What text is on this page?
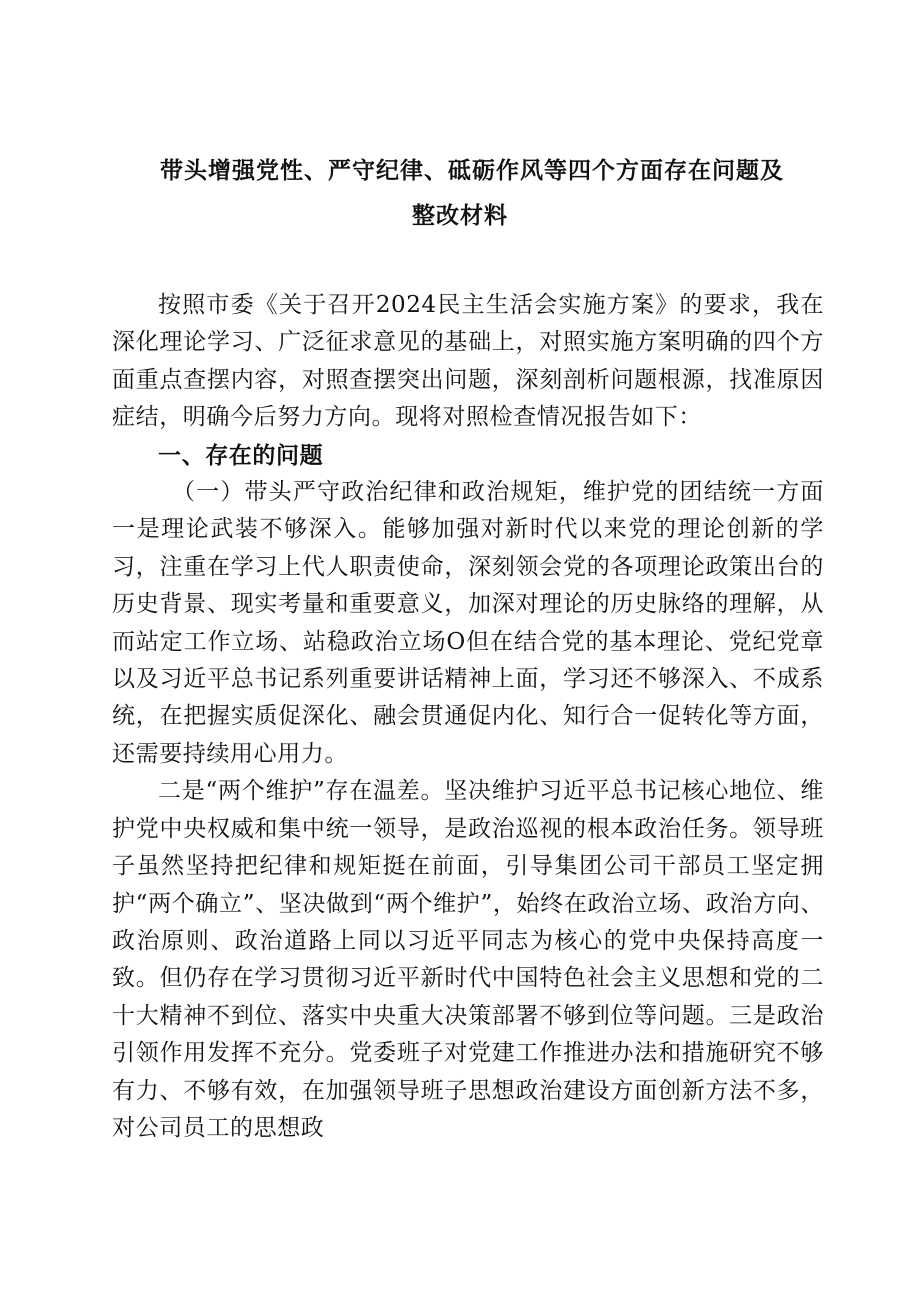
带头增强党性、严守纪律、砥砺作风等四个方面存在问题及
整改材料

按照市委《关于召开2024民主生活会实施方案》的要求，我在深化理论学习、广泛征求意见的基础上，对照实施方案明确的四个方面重点查摆内容，对照查摆突出问题，深刻剖析问题根源，找准原因症结，明确今后努力方向。现将对照检查情况报告如下：

一、存在的问题

（一）带头严守政治纪律和政治规矩，维护党的团结统一方面一是理论武装不够深入。能够加强对新时代以来党的理论创新的学习，注重在学习上代人职责使命，深刻领会党的各项理论政策出台的历史背景、现实考量和重要意义，加深对理论的历史脉络的理解，从而站定工作立场、站稳政治立场O但在结合党的基本理论、党纪党章以及习近平总书记系列重要讲话精神上面，学习还不够深入、不成系统，在把握实质促深化、融会贯通促内化、知行合一促转化等方面，还需要持续用心用力。

二是“两个维护”存在温差。坚决维护习近平总书记核心地位、维护党中央权威和集中统一领导，是政治巡视的根本政治任务。领导班子虽然坚持把纪律和规矩挺在前面，引导集团公司干部员工坚定拥护“两个确立”、坚决做到“两个维护”，始终在政治立场、政治方向、政治原则、政治道路上同以习近平同志为核心的党中央保持高度一致。但仍存在学习贯彻习近平新时代中国特色社会主义思想和党的二十大精神不到位、落实中央重大决策部署不够到位等问题。三是政治引领作用发挥不充分。党委班子对党建工作推进办法和措施研究不够有力、不够有效，在加强领导班子思想政治建设方面创新方法不多，对公司员工的思想政
